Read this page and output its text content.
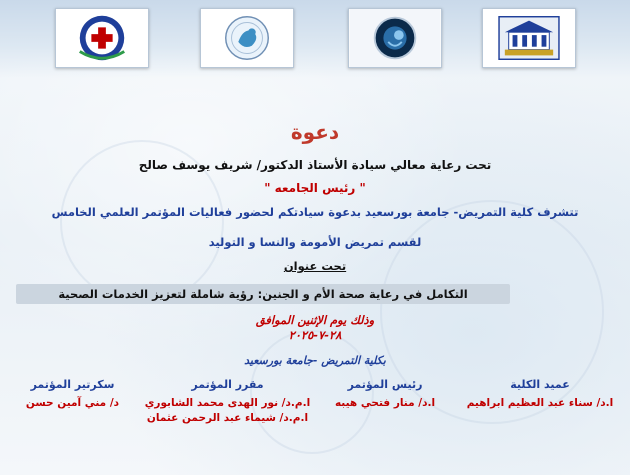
دعوة
تحت رعاية معالي سيادة الأستاذ الدكتور/ شريف يوسف صالح
" رئيس الجامعه "
تتشرف كلية التمريض- جامعة بورسعيد بدعوة سيادتكم لحضور فعاليات المؤتمر العلمي الخامس
لقسم تمريض الأمومة والنسا و التوليد
تحت عنوان
التكامل في رعاية صحة الأم و الجنين: رؤية شاملة لتعزيز الخدمات الصحية
وذلك يوم الإثنين الموافق
٢٨-٧-٢٠٢٥
بكلية التمريض -جامعة بورسعيد
عميد الكلية
ا.د/ سناء عبد العظيم ابراهيم
رئيس المؤتمر
ا.د/ منار فتحي هيبه
مقرر المؤتمر
ا.م.د/ نور الهدى محمد الشابوري
ا.م.د/ شيماء عبد الرحمن عثمان
سكرتير المؤتمر
د/ مني آمين حسن
